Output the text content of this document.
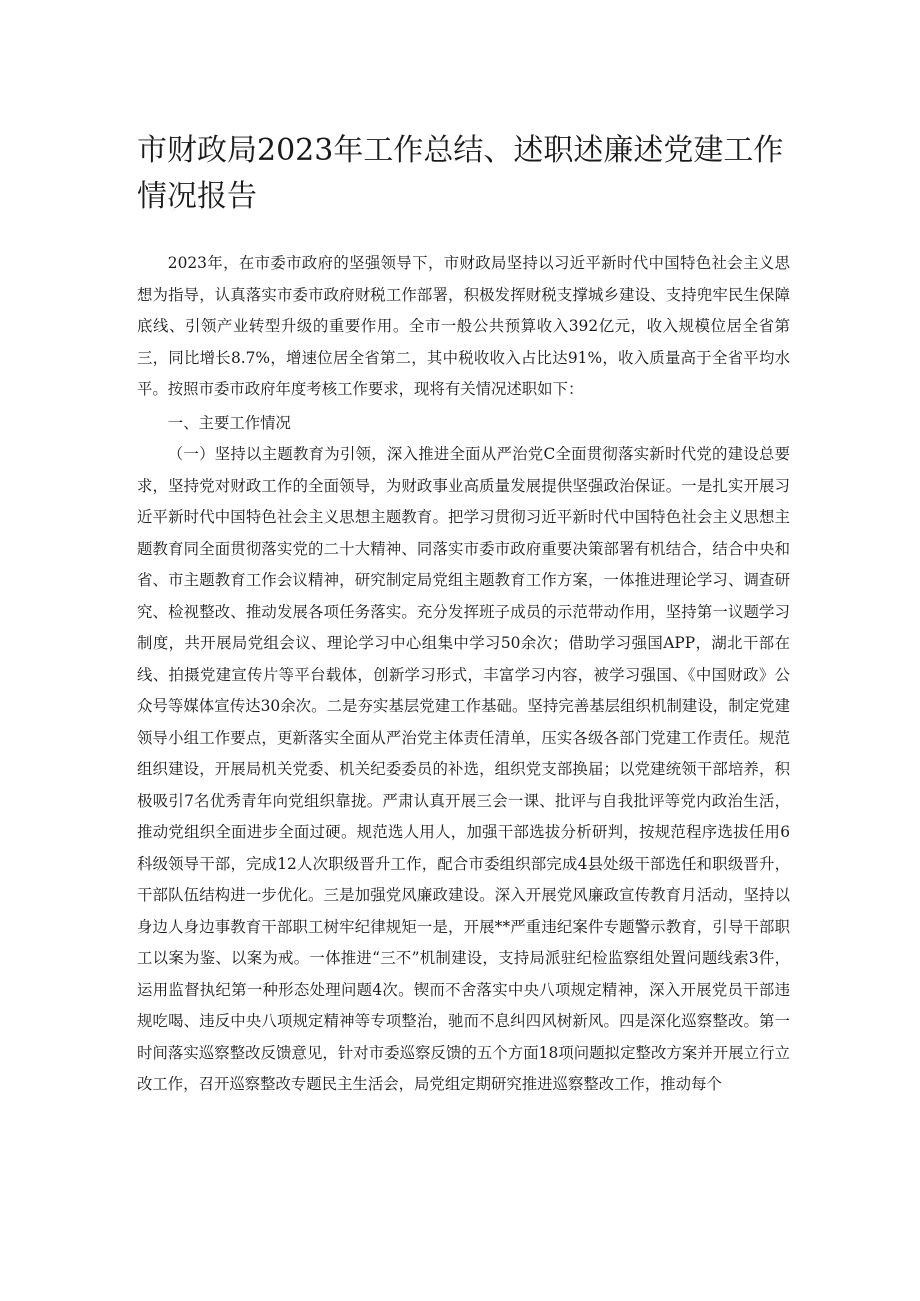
市财政局2023年工作总结、述职述廉述党建工作情况报告

2023年，在市委市政府的坚强领导下，市财政局坚持以习近平新时代中国特色社会主义思想为指导，认真落实市委市政府财税工作部署，积极发挥财税支撑城乡建设、支持兜牢民生保障底线、引领产业转型升级的重要作用。全市一般公共预算收入392亿元，收入规模位居全省第三，同比增长8.7%，增速位居全省第二，其中税收收入占比达91%，收入质量高于全省平均水平。按照市委市政府年度考核工作要求，现将有关情况述职如下：

一、主要工作情况

（一）坚持以主题教育为引领，深入推进全面从严治党C全面贯彻落实新时代党的建设总要求，坚持党对财政工作的全面领导，为财政事业高质量发展提供坚强政治保证。一是扎实开展习近平新时代中国特色社会主义思想主题教育。把学习贯彻习近平新时代中国特色社会主义思想主题教育同全面贯彻落实党的二十大精神、同落实市委市政府重要决策部署有机结合，结合中央和省、市主题教育工作会议精神，研究制定局党组主题教育工作方案，一体推进理论学习、调查研究、检视整改、推动发展各项任务落实。充分发挥班子成员的示范带动作用，坚持第一议题学习制度，共开展局党组会议、理论学习中心组集中学习50余次；借助学习强国APP，湖北干部在线、拍摄党建宣传片等平台载体，创新学习形式，丰富学习内容，被学习强国、《中国财政》公众号等媒体宣传达30余次。二是夯实基层党建工作基础。坚持完善基层组织机制建设，制定党建领导小组工作要点，更新落实全面从严治党主体责任清单，压实各级各部门党建工作责任。规范组织建设，开展局机关党委、机关纪委委员的补选，组织党支部换届；以党建统领干部培养，积极吸引7名优秀青年向党组织靠拢。严肃认真开展三会一课、批评与自我批评等党内政治生活，推动党组织全面进步全面过硬。规范选人用人，加强干部选拔分析研判，按规范程序选拔任用6科级领导干部，完成12人次职级晋升工作，配合市委组织部完成4县处级干部选任和职级晋升，干部队伍结构进一步优化。三是加强党风廉政建设。深入开展党风廉政宣传教育月活动，坚持以身边人身边事教育干部职工树牢纪律规矩一是，开展**严重违纪案件专题警示教育，引导干部职工以案为鉴、以案为戒。一体推进“三不”机制建设，支持局派驻纪检监察组处置问题线索3件，运用监督执纪第一种形态处理问题4次。锲而不舍落实中央八项规定精神，深入开展党员干部违规吃喝、违反中央八项规定精神等专项整治，驰而不息纠四风树新风。四是深化巡察整改。第一时间落实巡察整改反馈意见，针对市委巡察反馈的五个方面18项问题拟定整改方案并开展立行立改工作，召开巡察整改专题民主生活会，局党组定期研究推进巡察整改工作，推动每个
